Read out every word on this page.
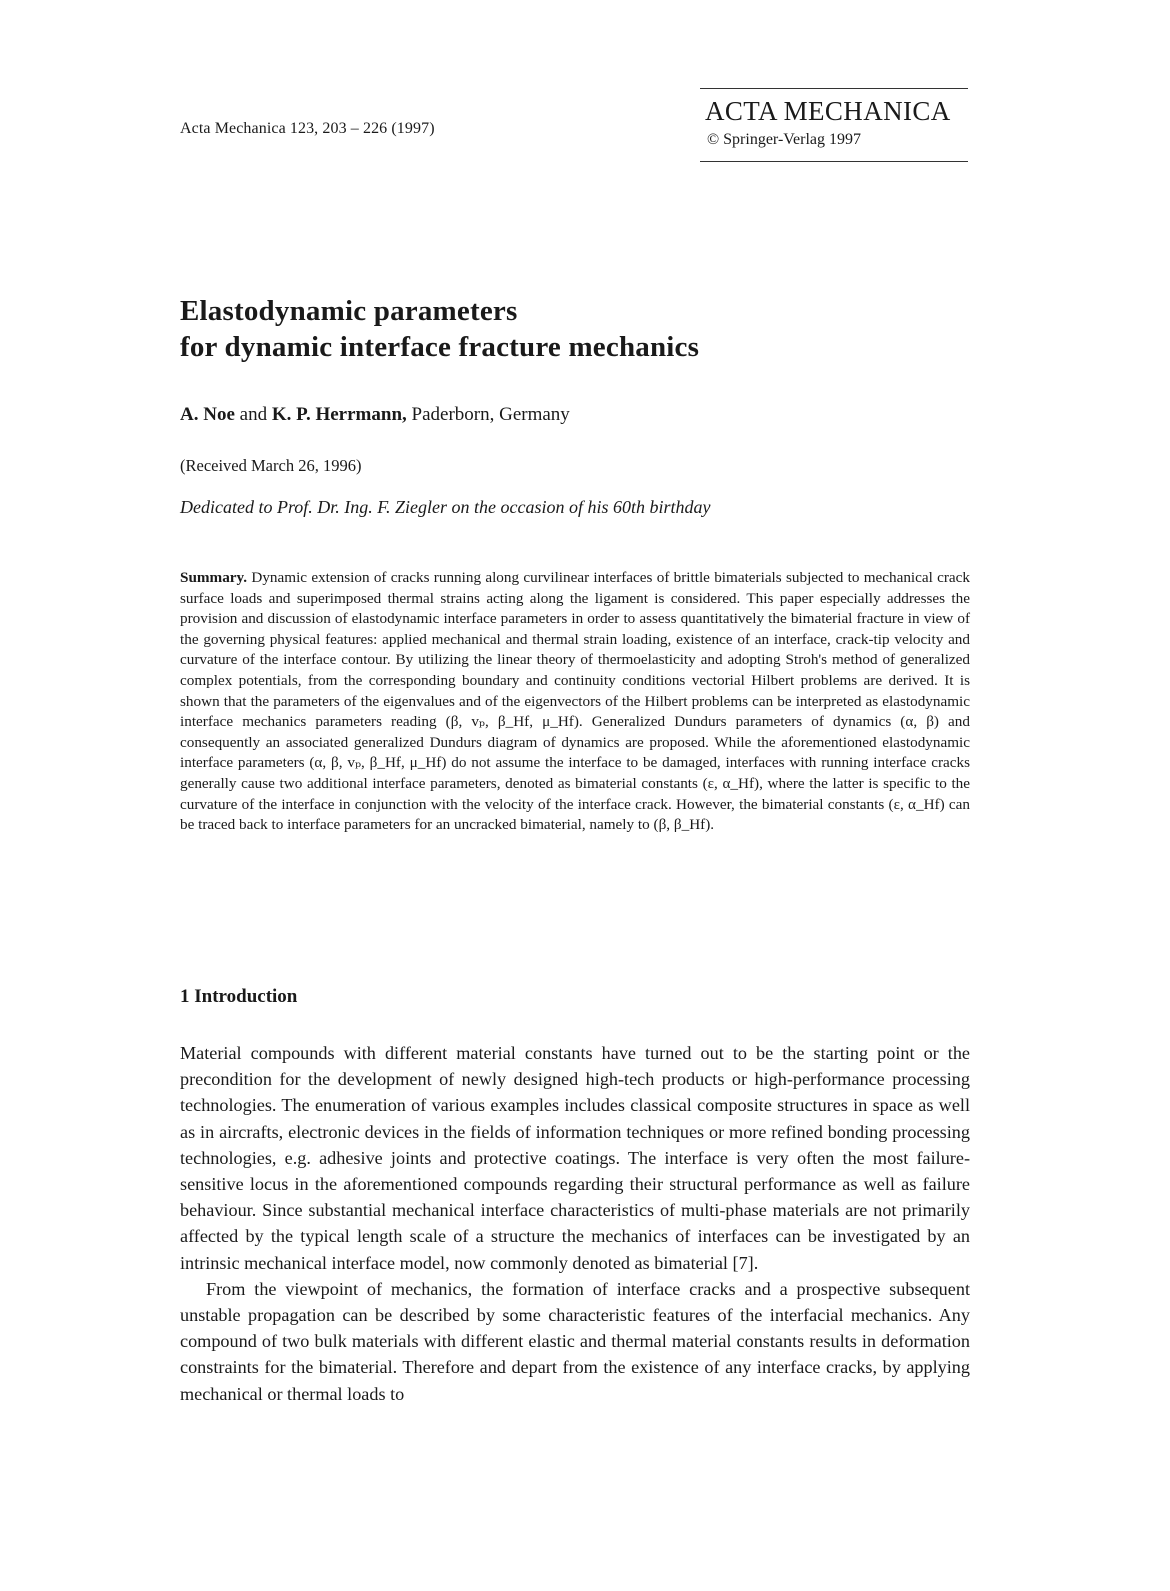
Acta Mechanica 123, 203 – 226 (1997)
ACTA MECHANICA
© Springer-Verlag 1997
Elastodynamic parameters
for dynamic interface fracture mechanics
A. Noe and K. P. Herrmann, Paderborn, Germany
(Received March 26, 1996)
Dedicated to Prof. Dr. Ing. F. Ziegler on the occasion of his 60th birthday
Summary. Dynamic extension of cracks running along curvilinear interfaces of brittle bimaterials subjected to mechanical crack surface loads and superimposed thermal strains acting along the ligament is considered. This paper especially addresses the provision and discussion of elastodynamic interface parameters in order to assess quantitatively the bimaterial fracture in view of the governing physical features: applied mechanical and thermal strain loading, existence of an interface, crack-tip velocity and curvature of the interface contour. By utilizing the linear theory of thermoelasticity and adopting Stroh's method of generalized complex potentials, from the corresponding boundary and continuity conditions vectorial Hilbert problems are derived. It is shown that the parameters of the eigenvalues and of the eigenvectors of the Hilbert problems can be interpreted as elastodynamic interface mechanics parameters reading (β, vₚ, β_Hf, μ_Hf). Generalized Dundurs parameters of dynamics (α, β) and consequently an associated generalized Dundurs diagram of dynamics are proposed. While the aforementioned elastodynamic interface parameters (α, β, vₚ, β_Hf, μ_Hf) do not assume the interface to be damaged, interfaces with running interface cracks generally cause two additional interface parameters, denoted as bimaterial constants (ε, α_Hf), where the latter is specific to the curvature of the interface in conjunction with the velocity of the interface crack. However, the bimaterial constants (ε, α_Hf) can be traced back to interface parameters for an uncracked bimaterial, namely to (β, β_Hf).
1 Introduction

Material compounds with different material constants have turned out to be the starting point or the precondition for the development of newly designed high-tech products or high-performance processing technologies. The enumeration of various examples includes classical composite structures in space as well as in aircrafts, electronic devices in the fields of information techniques or more refined bonding processing technologies, e.g. adhesive joints and protective coatings. The interface is very often the most failure-sensitive locus in the aforementioned compounds regarding their structural performance as well as failure behaviour. Since substantial mechanical interface characteristics of multi-phase materials are not primarily affected by the typical length scale of a structure the mechanics of interfaces can be investigated by an intrinsic mechanical interface model, now commonly denoted as bimaterial [7].

From the viewpoint of mechanics, the formation of interface cracks and a prospective subsequent unstable propagation can be described by some characteristic features of the interfacial mechanics. Any compound of two bulk materials with different elastic and thermal material constants results in deformation constraints for the bimaterial. Therefore and depart from the existence of any interface cracks, by applying mechanical or thermal loads to
